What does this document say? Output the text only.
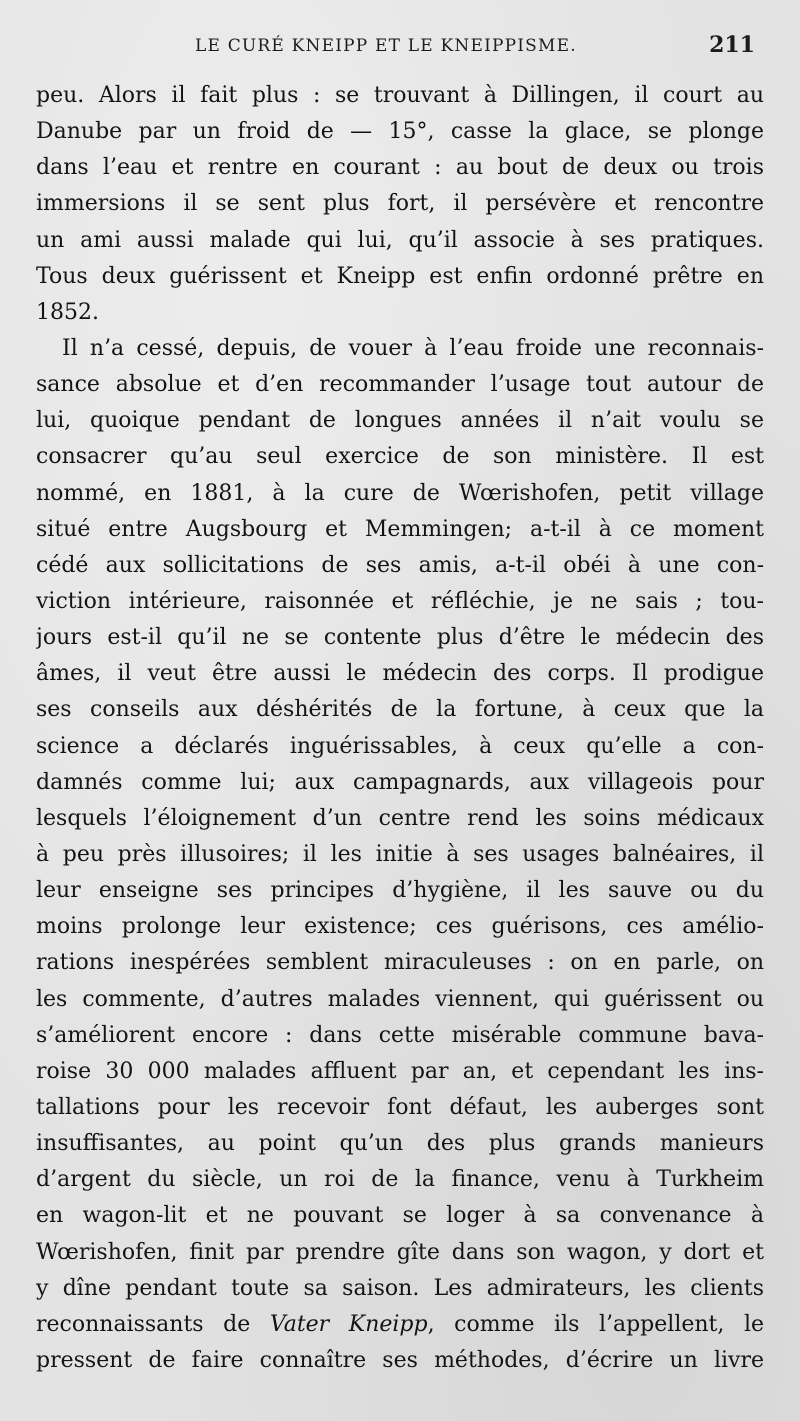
LE CURÉ KNEIPP ET LE KNEIPPISME.	211
peu. Alors il fait plus : se trouvant à Dillingen, il court au
Danube par un froid de — 15°, casse la glace, se plonge
dans l’eau et rentre en courant : au bout de deux ou trois
immersions il se sent plus fort, il persévère et rencontre
un ami aussi malade qui lui, qu’il associe à ses pratiques.
Tous deux guérissent et Kneipp est enfin ordonné prêtre en
1852.
Il n’a cessé, depuis, de vouer à l’eau froide une reconnais-
sance absolue et d’en recommander l’usage tout autour de
lui, quoique pendant de longues années il n’ait voulu se
consacrer qu’au seul exercice de son ministère. Il est
nommé, en 1881, à la cure de Wœrishofen, petit village
situé entre Augsbourg et Memmingen; a-t-il à ce moment
cédé aux sollicitations de ses amis, a-t-il obéi à une con-
viction intérieure, raisonnée et réfléchie, je ne sais ; tou-
jours est-il qu’il ne se contente plus d’être le médecin des
âmes, il veut être aussi le médecin des corps. Il prodigue
ses conseils aux déshérités de la fortune, à ceux que la
science a déclarés inguérissables, à ceux qu’elle a con-
damnés comme lui; aux campagnards, aux villageois pour
lesquels l’éloignement d’un centre rend les soins médicaux
à peu près illusoires; il les initie à ses usages balnéaires, il
leur enseigne ses principes d’hygiène, il les sauve ou du
moins prolonge leur existence; ces guérisons, ces amélio-
rations inespérées semblent miraculeuses : on en parle, on
les commente, d’autres malades viennent, qui guérissent ou
s’améliorent encore : dans cette misérable commune bava-
roise 30 000 malades affluent par an, et cependant les ins-
tallations pour les recevoir font défaut, les auberges sont
insuffisantes, au point qu’un des plus grands manieurs
d’argent du siècle, un roi de la finance, venu à Turkheim
en wagon-lit et ne pouvant se loger à sa convenance à
Wœrishofen, finit par prendre gîte dans son wagon, y dort et
y dîne pendant toute sa saison. Les admirateurs, les clients
reconnaissants de Vater Kneipp, comme ils l’appellent, le
pressent de faire connaître ses méthodes, d’écrire un livre
